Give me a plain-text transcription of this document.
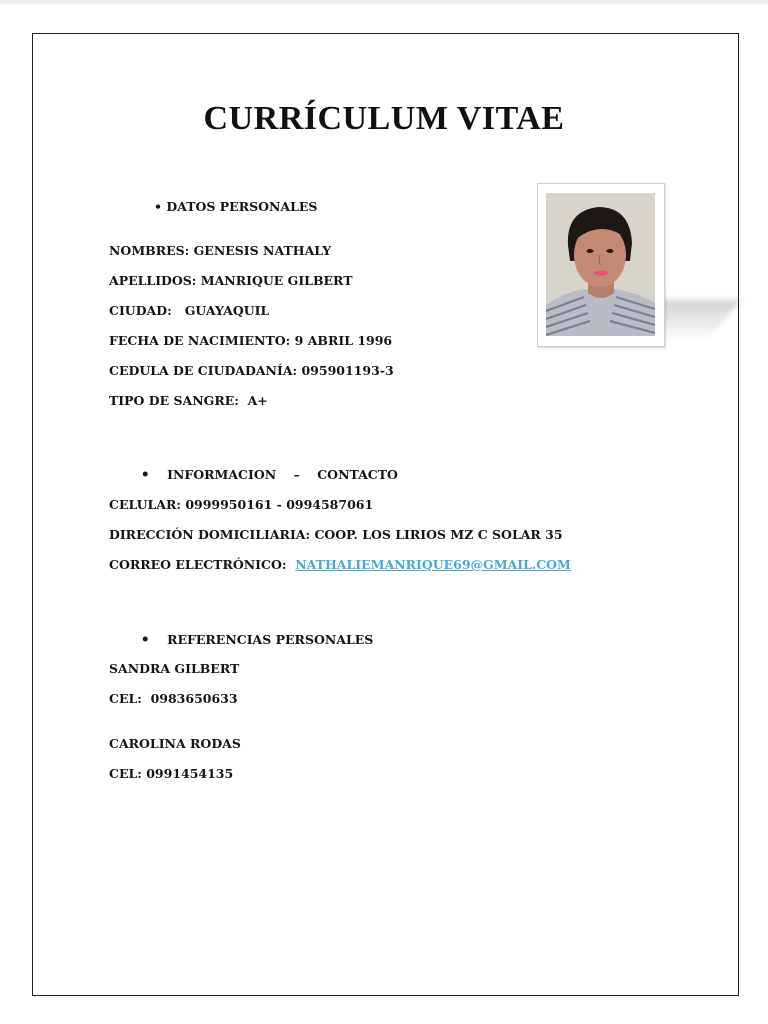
CURRÍCULUM VITAE
• DATOS PERSONALES
NOMBRES: GENESIS NATHALY
APELLIDOS: MANRIQUE GILBERT
CIUDAD:   GUAYAQUIL
FECHA DE NACIMIENTO: 9 ABRIL 1996
CEDULA DE CIUDADANÍA: 095901193-3
TIPO DE SANGRE:  A+

• INFORMACION    –    CONTACTO

CELULAR: 0999950161 - 0994587061
DIRECCIÓN DOMICILIARIA: COOP. LOS LIRIOS MZ C SOLAR 35
CORREO ELECTRÓNICO: NATHALIEMANRIQUE69@GMAIL.COM

• REFERENCIAS PERSONALES

SANDRA GILBERT
CEL:  0983650633
CAROLINA RODAS
CEL: 0991454135
